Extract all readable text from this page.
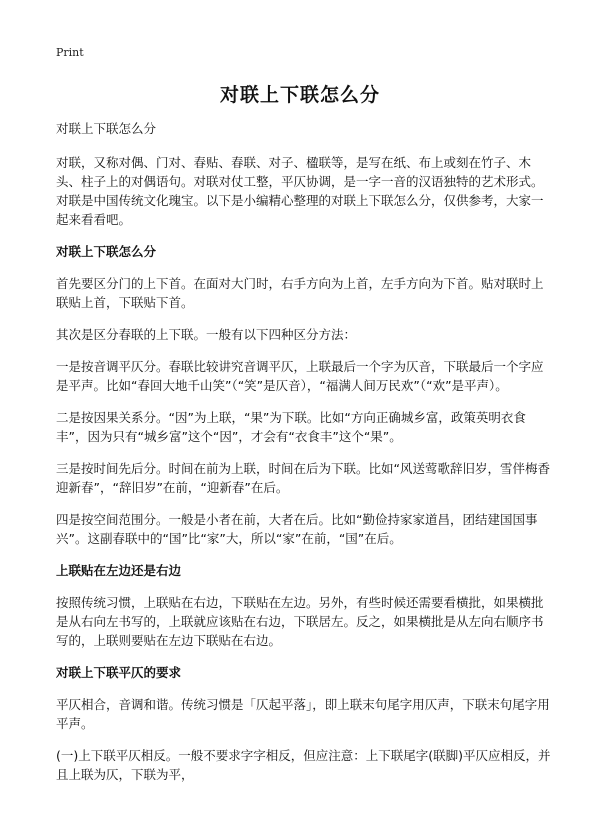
Print
对联上下联怎么分

对联上下联怎么分

对联，又称对偶、门对、春贴、春联、对子、楹联等，是写在纸、布上或刻在竹子、木头、柱子上的对偶语句。对联对仗工整，平仄协调，是一字一音的汉语独特的艺术形式。对联是中国传统文化瑰宝。以下是小编精心整理的对联上下联怎么分，仅供参考，大家一起来看看吧。

对联上下联怎么分

首先要区分门的上下首。在面对大门时，右手方向为上首，左手方向为下首。贴对联时上联贴上首，下联贴下首。

其次是区分春联的上下联。一般有以下四种区分方法：

一是按音调平仄分。春联比较讲究音调平仄，上联最后一个字为仄音，下联最后一个字应是平声。比如“春回大地千山笑”（“笑”是仄音），“福满人间万民欢”（“欢”是平声）。

二是按因果关系分。“因”为上联，“果”为下联。比如“方向正确城乡富，政策英明衣食丰”，因为只有“城乡富”这个“因”，才会有“衣食丰”这个“果”。

三是按时间先后分。时间在前为上联，时间在后为下联。比如“风送莺歌辞旧岁，雪伴梅香迎新春”，“辞旧岁”在前，“迎新春”在后。

四是按空间范围分。一般是小者在前，大者在后。比如“勤俭持家家道昌，团结建国国事兴”。这副春联中的“国”比“家”大，所以“家”在前，“国”在后。

上联贴在左边还是右边

按照传统习惯，上联贴在右边，下联贴在左边。另外，有些时候还需要看横批，如果横批是从右向左书写的，上联就应该贴在右边，下联居左。反之，如果横批是从左向右顺序书写的，上联则要贴在左边下联贴在右边。

对联上下联平仄的要求

平仄相合，音调和谐。传统习惯是「仄起平落」，即上联末句尾字用仄声，下联末句尾字用平声。

(一)上下联平仄相反。一般不要求字字相反，但应注意：上下联尾字(联脚)平仄应相反，并且上联为仄，下联为平，
